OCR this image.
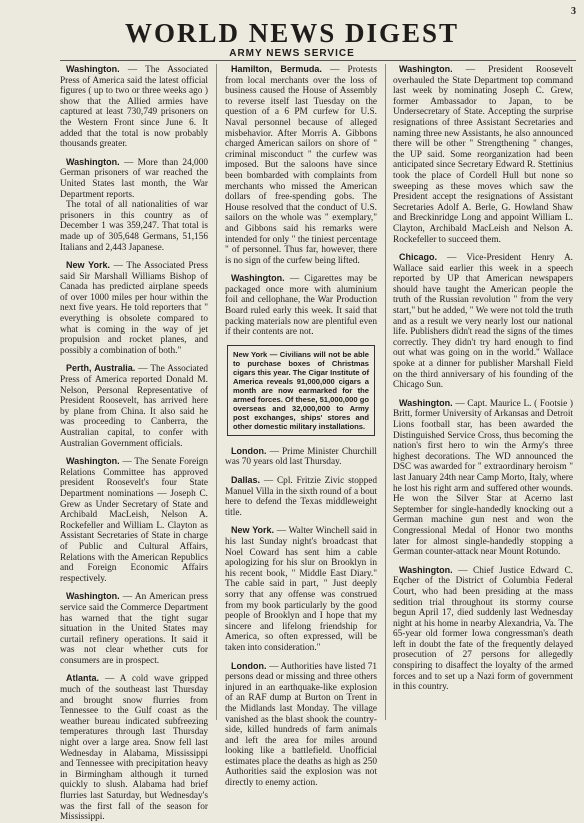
3
WORLD NEWS DIGEST
ARMY NEWS SERVICE

Washington. — The Associated Press of America said the latest official figures ( up to two or three weeks ago ) show that the Allied armies have captured at least 730,749 prisoners on the Western Front since June 6. It added that the total is now probably thousands greater.

Washington. — More than 24,000 German prisoners of war reached the United States last month, the War Department reports.

The total of all nationalities of war prisoners in this country as of December 1 was 359,247. That total is made up of 305,648 Germans, 51,156 Italians and 2,443 Japanese.

New York. — The Associated Press said Sir Marshall Williams Bishop of Canada has predicted airplane speeds of over 1000 miles per hour within the next five years. He told reporters that " everything is obsolete compared to what is coming in the way of jet propulsion and rocket planes, and possibly a combination of both."

Perth, Australia. — The Associated Press of America reported Donald M. Nelson, Personal Representative of President Roosevelt, has arrived here by plane from China. It also said he was proceeding to Canberra, the Australian capital, to confer with Australian Government officials.

Washington. — The Senate Foreign Relations Committee has approved president Roosevelt's four State Department nominations — Joseph C. Grew as Under Secretary of State and Archibald MacLeish, Nelson A. Rockefeller and William L. Clayton as Assistant Secretaries of State in charge of Public and Cultural Affairs, Relations with the American Republics and Foreign Economic Affairs respectively.

Washington. — An American press service said the Commerce Department has warned that the tight sugar situation in the United States may curtail refinery operations. It said it was not clear whether cuts for consumers are in prospect.

Atlanta. — A cold wave gripped much of the southeast last Thursday and brought snow flurries from Tennessee to the Gulf coast as the weather bureau indicated subfreezing temperatures through last Thursday night over a large area. Snow fell last Wednesday in Alabama, Mississippi and Tennessee with precipitation heavy in Birmingham although it turned quickly to slush. Alabama had brief flurries last Saturday, but Wednesday's was the first fall of the season for Mississippi.

Hamilton, Bermuda. — Protests from local merchants over the loss of business caused the House of Assembly to reverse itself last Tuesday on the question of a 6 PM curfew for U.S. Naval personnel because of alleged misbehavior. After Morris A. Gibbons charged American sailors on shore of " criminal misconduct " the curfew was imposed. But the saloons have since been bombarded with complaints from merchants who missed the American dollars of free-spending gobs. The House resolved that the conduct of U.S. sailors on the whole was " exemplary," and Gibbons said his remarks were intended for only " the tiniest percentage " of personnel. Thus far, however, there is no sign of the curfew being lifted.

Washington. — Cigarettes may be packaged once more with aluminium foil and cellophane, the War Production Board ruled early this week. It said that packing materials now are plentiful even if their contents are not.

New York — Civilians will not be able to purchase boxes of Christmas cigars this year. The Cigar Institute of America reveals 91,000,000 cigars a month are now earmarked for the armed forces. Of these, 51,000,000 go overseas and 32,000,000 to Army post exchanges, ships' stores and other domestic military installations.

London. — Prime Minister Churchill was 70 years old last Thursday.

Dallas. — Cpl. Fritzie Zivic stopped Manuel Villa in the sixth round of a bout here to defend the Texas middleweight title.

New York. — Walter Winchell said in his last Sunday night's broadcast that Noel Coward has sent him a cable apologizing for his slur on Brooklyn in his recent book, " Middle East Diary." The cable said in part, " Just deeply sorry that any offense was construed from my book particularly by the good people of Brooklyn and I hope that my sincere and lifelong friendship for America, so often expressed, will be taken into consideration."

London. — Authorities have listed 71 persons dead or missing and three others injured in an earthquake-like explosion of an RAF dump at Burton on Trent in the Midlands last Monday. The village vanished as the blast shook the country-side, killed hundreds of farm animals and left the area for miles around looking like a battlefield. Unofficial estimates place the deaths as high as 250 Authorities said the explosion was not directly to enemy action.

Washington. — President Roosevelt overhauled the State Department top command last week by nominating Joseph C. Grew, former Ambassador to Japan, to be Undersecretary of State. Accepting the surprise resignations of three Assistant Secretaries and naming three new Assistants, he also announced there will be other " Strengthening " changes, the UP said. Some reorganization had been anticipated since Secretary Edward R. Stettinius took the place of Cordell Hull but none so sweeping as these moves which saw the President accept the resignations of Assistant Secretaries Adolf A. Berle, G. Howland Shaw and Breckinridge Long and appoint William L. Clayton, Archibald MacLeish and Nelson A. Rockefeller to succeed them.

Chicago. — Vice-President Henry A. Wallace said earlier this week in a speech reported by UP that American newspapers should have taught the American people the truth of the Russian revolution " from the very start," but he added, " We were not told the truth and as a result we very nearly lost our national life. Publishers didn't read the signs of the times correctly. They didn't try hard enough to find out what was going on in the world." Wallace spoke at a dinner for publisher Marshall Field on the third anniversary of his founding of the Chicago Sun.

Washington. — Capt. Maurice L. ( Footsie ) Britt, former University of Arkansas and Detroit Lions football star, has been awarded the Distinguished Service Cross, thus becoming the nation's first hero to win the Army's three highest decorations. The WD announced the DSC was awarded for " extraordinary heroism " last January 24th near Camp Morto, Italy, where he lost his right arm and suffered other wounds. He won the Silver Star at Acerno last September for single-handedly knocking out a German machine gun nest and won the Congressional Medal of Honor two months later for almost single-handedly stopping a German counter-attack near Mount Rotundo.

Washington. — Chief Justice Edward C. Eqcher of the District of Columbia Federal Court, who had been presiding at the mass sedition trial throughout its stormy course begun April 17, died suddenly last Wednesday night at his home in nearby Alexandria, Va. The 65-year old former Iowa congressman's death left in doubt the fate of the frequently delayed prosecution of 27 persons for allegedly conspiring to disaffect the loyalty of the armed forces and to set up a Nazi form of government in this country.
